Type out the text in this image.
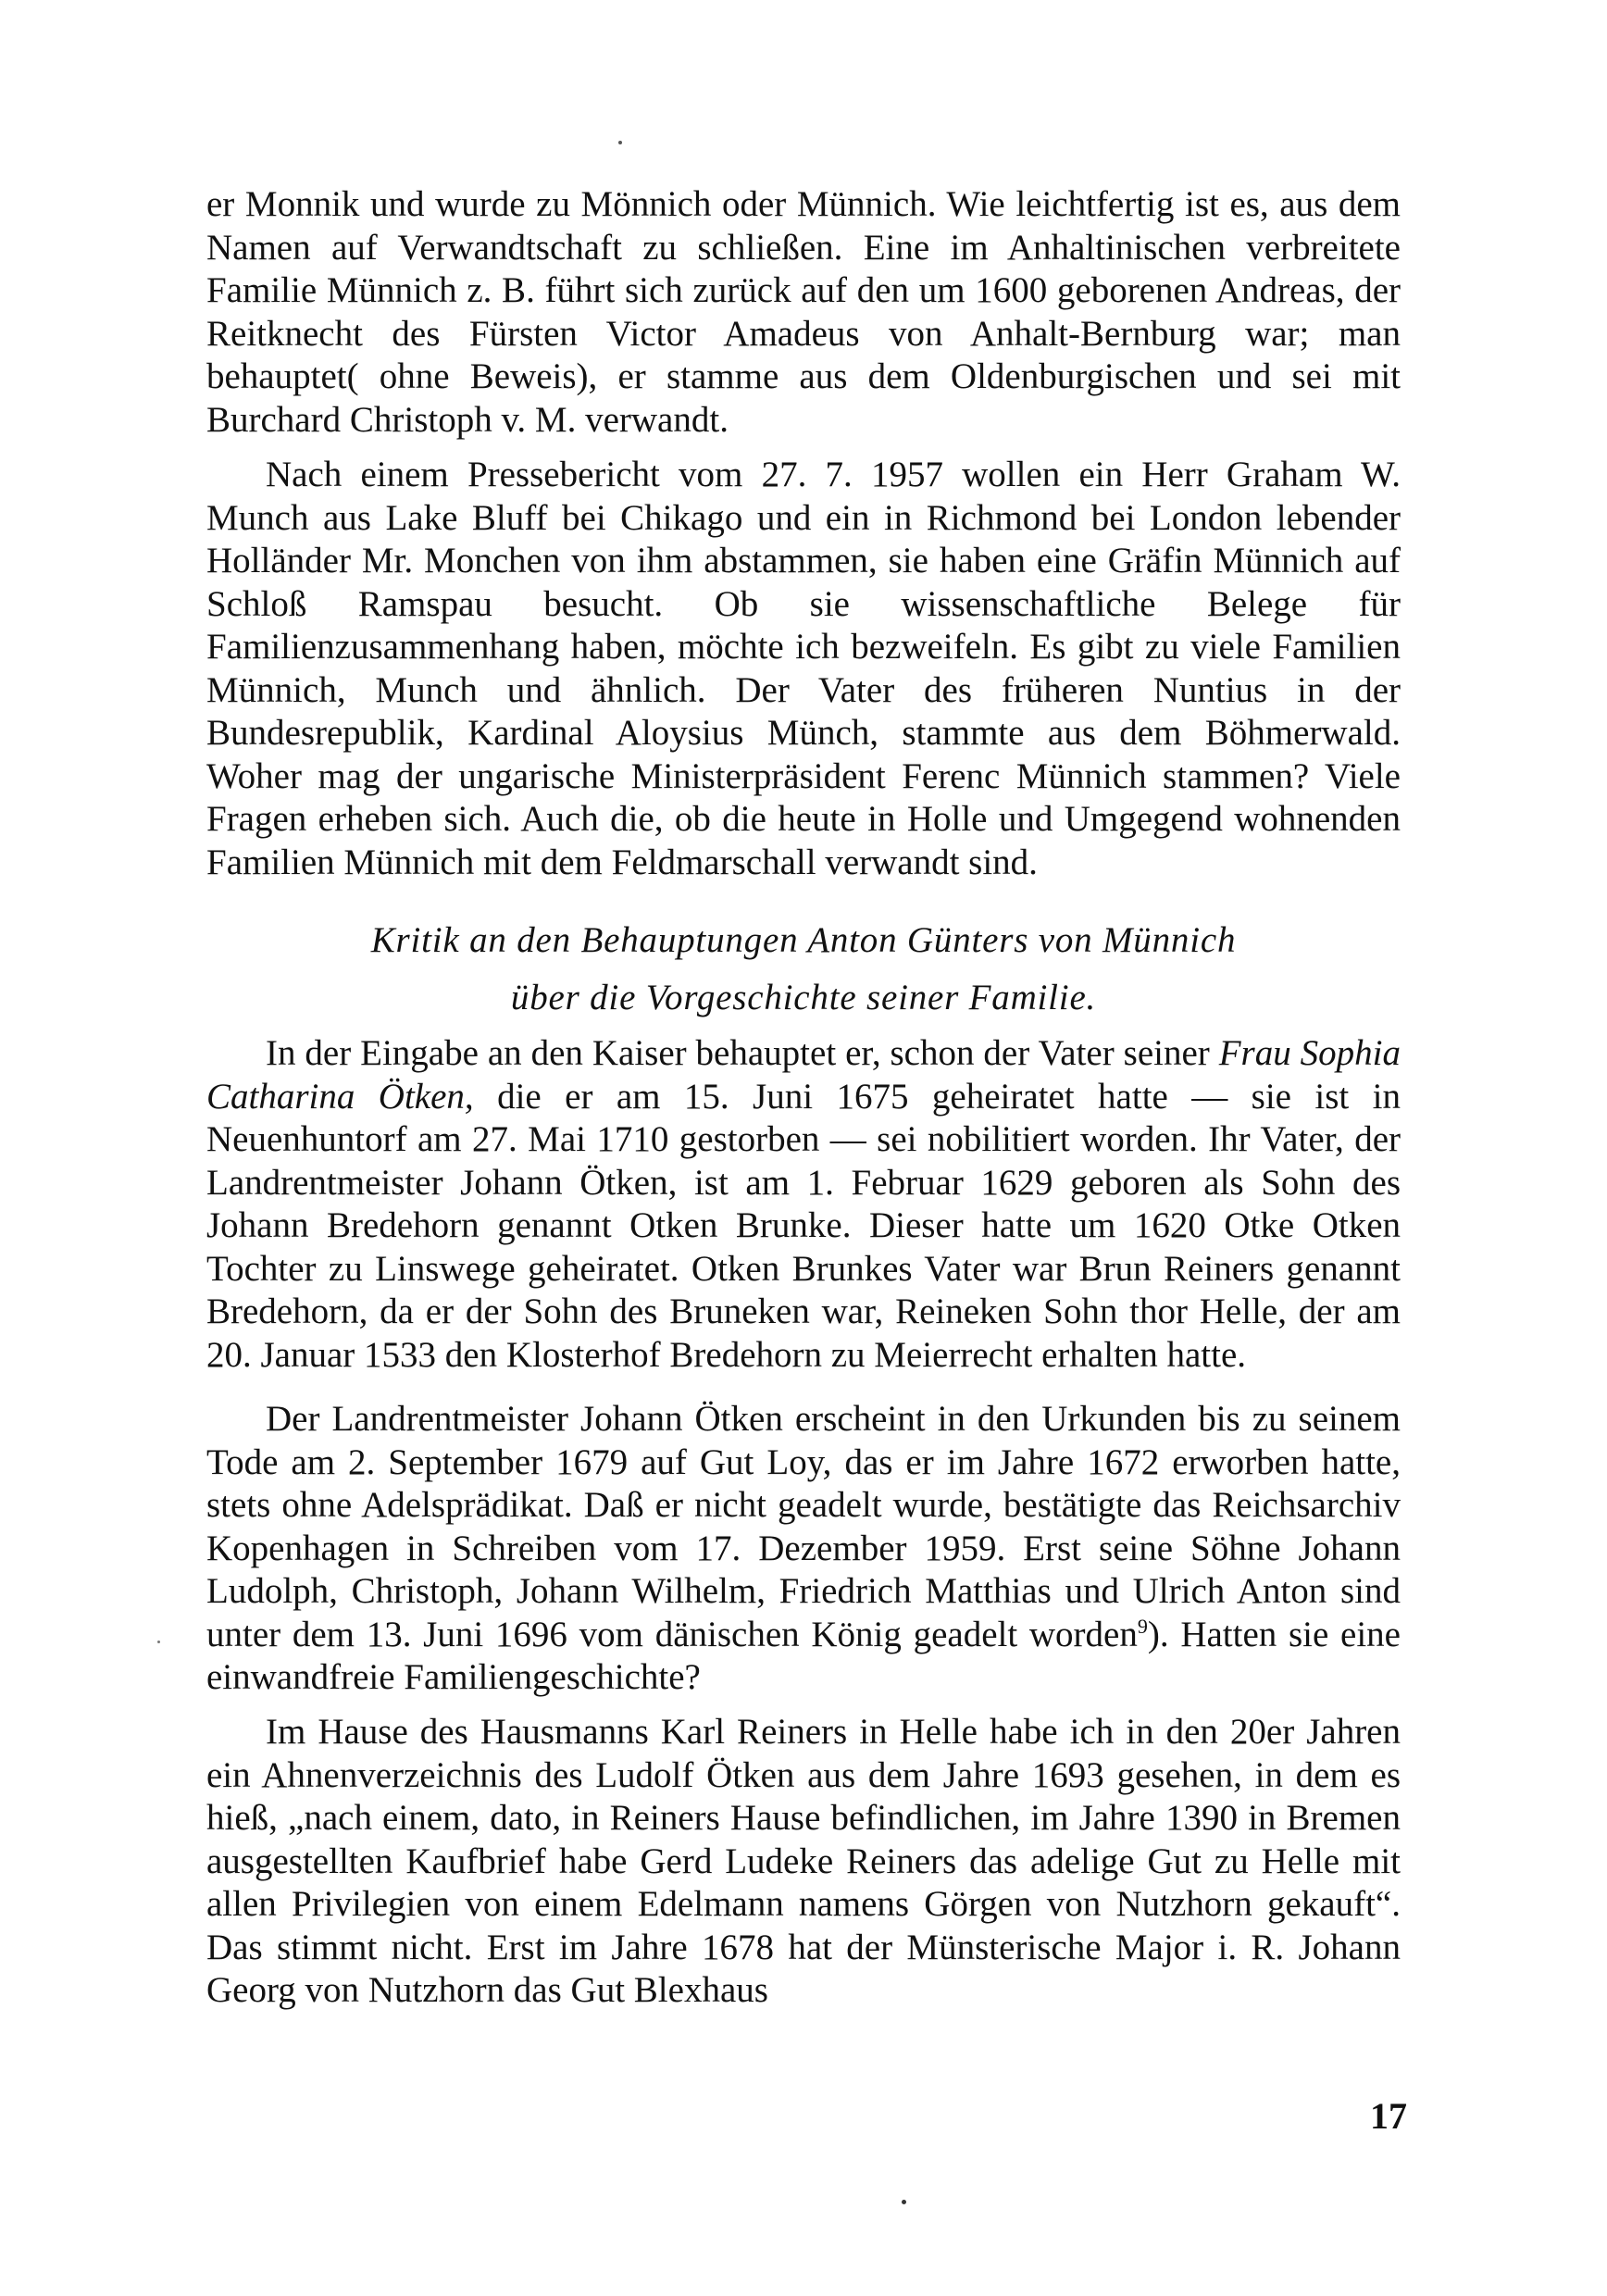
er Monnik und wurde zu Mönnich oder Münnich. Wie leichtfertig ist es, aus dem Namen auf Verwandtschaft zu schließen. Eine im Anhaltinischen verbreitete Familie Münnich z. B. führt sich zurück auf den um 1600 geborenen Andreas, der Reitknecht des Fürsten Victor Amadeus von Anhalt-Bernburg war; man behauptet( ohne Beweis), er stamme aus dem Oldenburgischen und sei mit Burchard Christoph v. M. verwandt.

Nach einem Pressebericht vom 27. 7. 1957 wollen ein Herr Graham W. Munch aus Lake Bluff bei Chikago und ein in Richmond bei London lebender Holländer Mr. Monchen von ihm abstammen, sie haben eine Gräfin Münnich auf Schloß Ramspau besucht. Ob sie wissenschaftliche Belege für Familienzusammenhang haben, möchte ich bezweifeln. Es gibt zu viele Familien Münnich, Munch und ähnlich. Der Vater des früheren Nuntius in der Bundesrepublik, Kardinal Aloysius Münch, stammte aus dem Böhmerwald. Woher mag der ungarische Ministerpräsident Ferenc Münnich stammen? Viele Fragen erheben sich. Auch die, ob die heute in Holle und Umgegend wohnenden Familien Münnich mit dem Feldmarschall verwandt sind.

Kritik an den Behauptungen Anton Günters von Münnich
über die Vorgeschichte seiner Familie.

In der Eingabe an den Kaiser behauptet er, schon der Vater seiner Frau Sophia Catharina Ötken, die er am 15. Juni 1675 geheiratet hatte — sie ist in Neuenhuntorf am 27. Mai 1710 gestorben — sei nobilitiert worden. Ihr Vater, der Landrentmeister Johann Ötken, ist am 1. Februar 1629 geboren als Sohn des Johann Bredehorn genannt Otken Brunke. Dieser hatte um 1620 Otke Otken Tochter zu Linswege geheiratet. Otken Brunkes Vater war Brun Reiners genannt Bredehorn, da er der Sohn des Bruneken war, Reineken Sohn thor Helle, der am 20. Januar 1533 den Klosterhof Bredehorn zu Meierrecht erhalten hatte.

Der Landrentmeister Johann Ötken erscheint in den Urkunden bis zu seinem Tode am 2. September 1679 auf Gut Loy, das er im Jahre 1672 erworben hatte, stets ohne Adelsprädikat. Daß er nicht geadelt wurde, bestätigte das Reichsarchiv Kopenhagen in Schreiben vom 17. Dezember 1959. Erst seine Söhne Johann Ludolph, Christoph, Johann Wilhelm, Friedrich Matthias und Ulrich Anton sind unter dem 13. Juni 1696 vom dänischen König geadelt worden$^9$). Hatten sie eine einwandfreie Familiengeschichte?

Im Hause des Hausmanns Karl Reiners in Helle habe ich in den 20er Jahren ein Ahnenverzeichnis des Ludolf Ötken aus dem Jahre 1693 gesehen, in dem es hieß, „nach einem, dato, in Reiners Hause befindlichen, im Jahre 1390 in Bremen ausgestellten Kaufbrief habe Gerd Ludeke Reiners das adelige Gut zu Helle mit allen Privilegien von einem Edelmann namens Görgen von Nutzhorn gekauft“. Das stimmt nicht. Erst im Jahre 1678 hat der Münsterische Major i. R. Johann Georg von Nutzhorn das Gut Blexhaus

17
